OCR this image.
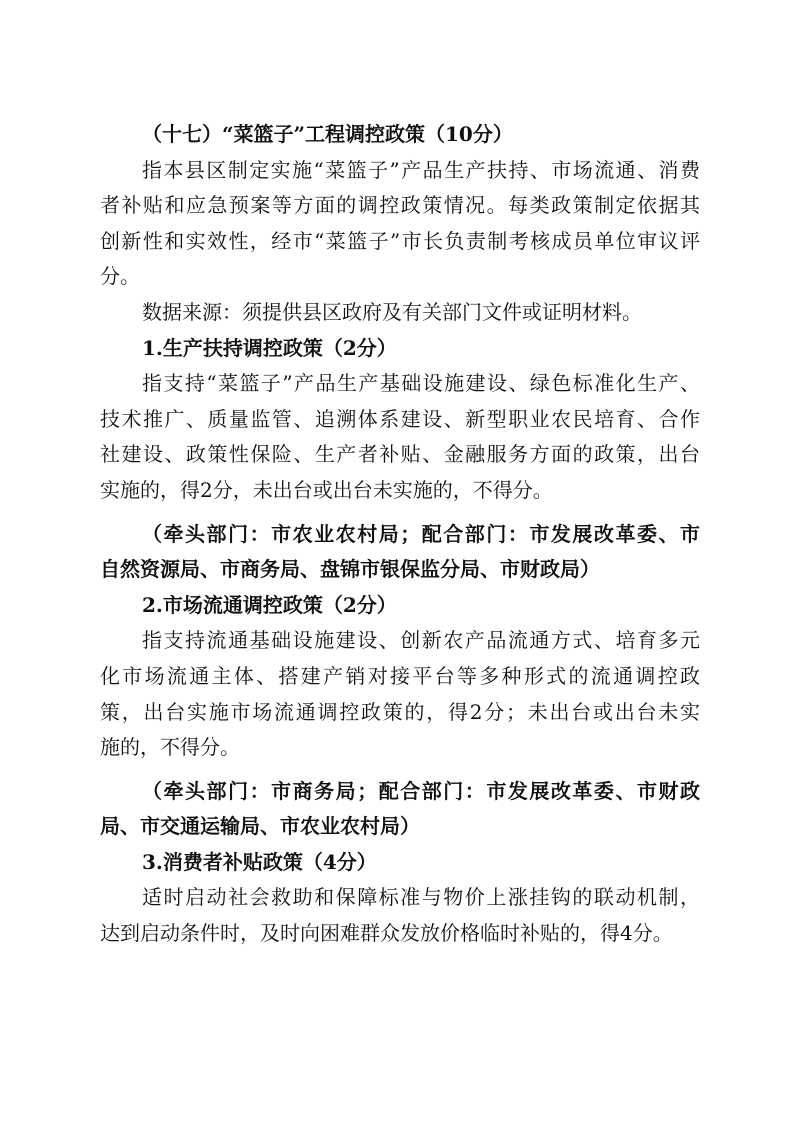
（十七）“菜篮子”工程调控政策（10分）

指本县区制定实施“菜篮子”产品生产扶持、市场流通、消费

者补贴和应急预案等方面的调控政策情况。每类政策制定依据其

创新性和实效性，经市“菜篮子”市长负责制考核成员单位审议评

分。

数据来源：须提供县区政府及有关部门文件或证明材料。

1.生产扶持调控政策（2分）

指支持“菜篮子”产品生产基础设施建设、绿色标准化生产、

技术推广、质量监管、追溯体系建设、新型职业农民培育、合作

社建设、政策性保险、生产者补贴、金融服务方面的政策，出台

实施的，得2分，未出台或出台未实施的，不得分。

（牵头部门：市农业农村局；配合部门：市发展改革委、市

自然资源局、市商务局、盘锦市银保监分局、市财政局）

2.市场流通调控政策（2分）

指支持流通基础设施建设、创新农产品流通方式、培育多元

化市场流通主体、搭建产销对接平台等多种形式的流通调控政

策，出台实施市场流通调控政策的，得2分；未出台或出台未实

施的，不得分。

（牵头部门：市商务局；配合部门：市发展改革委、市财政

局、市交通运输局、市农业农村局）

3.消费者补贴政策（4分）

适时启动社会救助和保障标准与物价上涨挂钩的联动机制，

达到启动条件时，及时向困难群众发放价格临时补贴的，得4分。
